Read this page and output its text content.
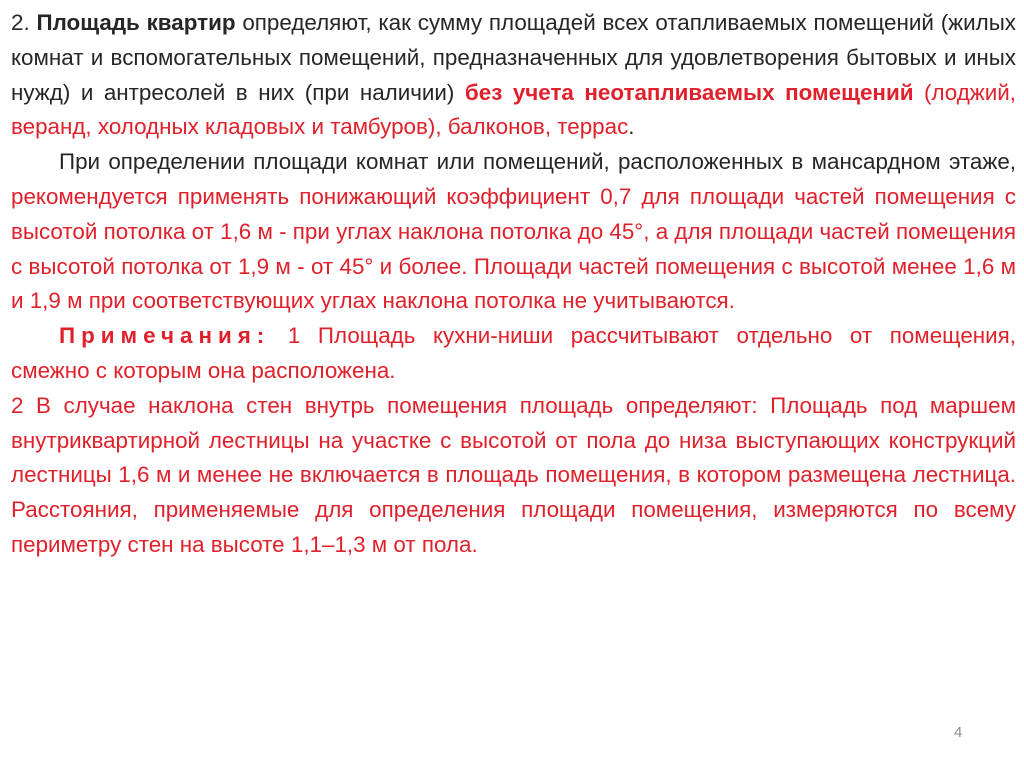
2. Площадь квартир определяют, как сумму площадей всех отапливаемых помещений (жилых комнат и вспомогательных помещений, предназначенных для удовлетворения бытовых и иных нужд) и антресолей в них (при наличии) без учета неотапливаемых помещений (лоджий, веранд, холодных кладовых и тамбуров), балконов, террас.

При определении площади комнат или помещений, расположенных в мансардном этаже, рекомендуется применять понижающий коэффициент 0,7 для площади частей помещения с высотой потолка от 1,6 м - при углах наклона потолка до 45°, а для площади частей помещения с высотой потолка от 1,9 м - от 45° и более. Площади частей помещения с высотой менее 1,6 м и 1,9 м при соответствующих углах наклона потолка не учитываются.

Примечания: 1 Площадь кухни-ниши рассчитывают отдельно от помещения, смежно с которым она расположена.

2 В случае наклона стен внутрь помещения площадь определяют: Площадь под маршем внутриквартирной лестницы на участке с высотой от пола до низа выступающих конструкций лестницы 1,6 м и менее не включается в площадь помещения, в котором размещена лестница. Расстояния, применяемые для определения площади помещения, измеряются по всему периметру стен на высоте 1,1–1,3 м от пола.

4
